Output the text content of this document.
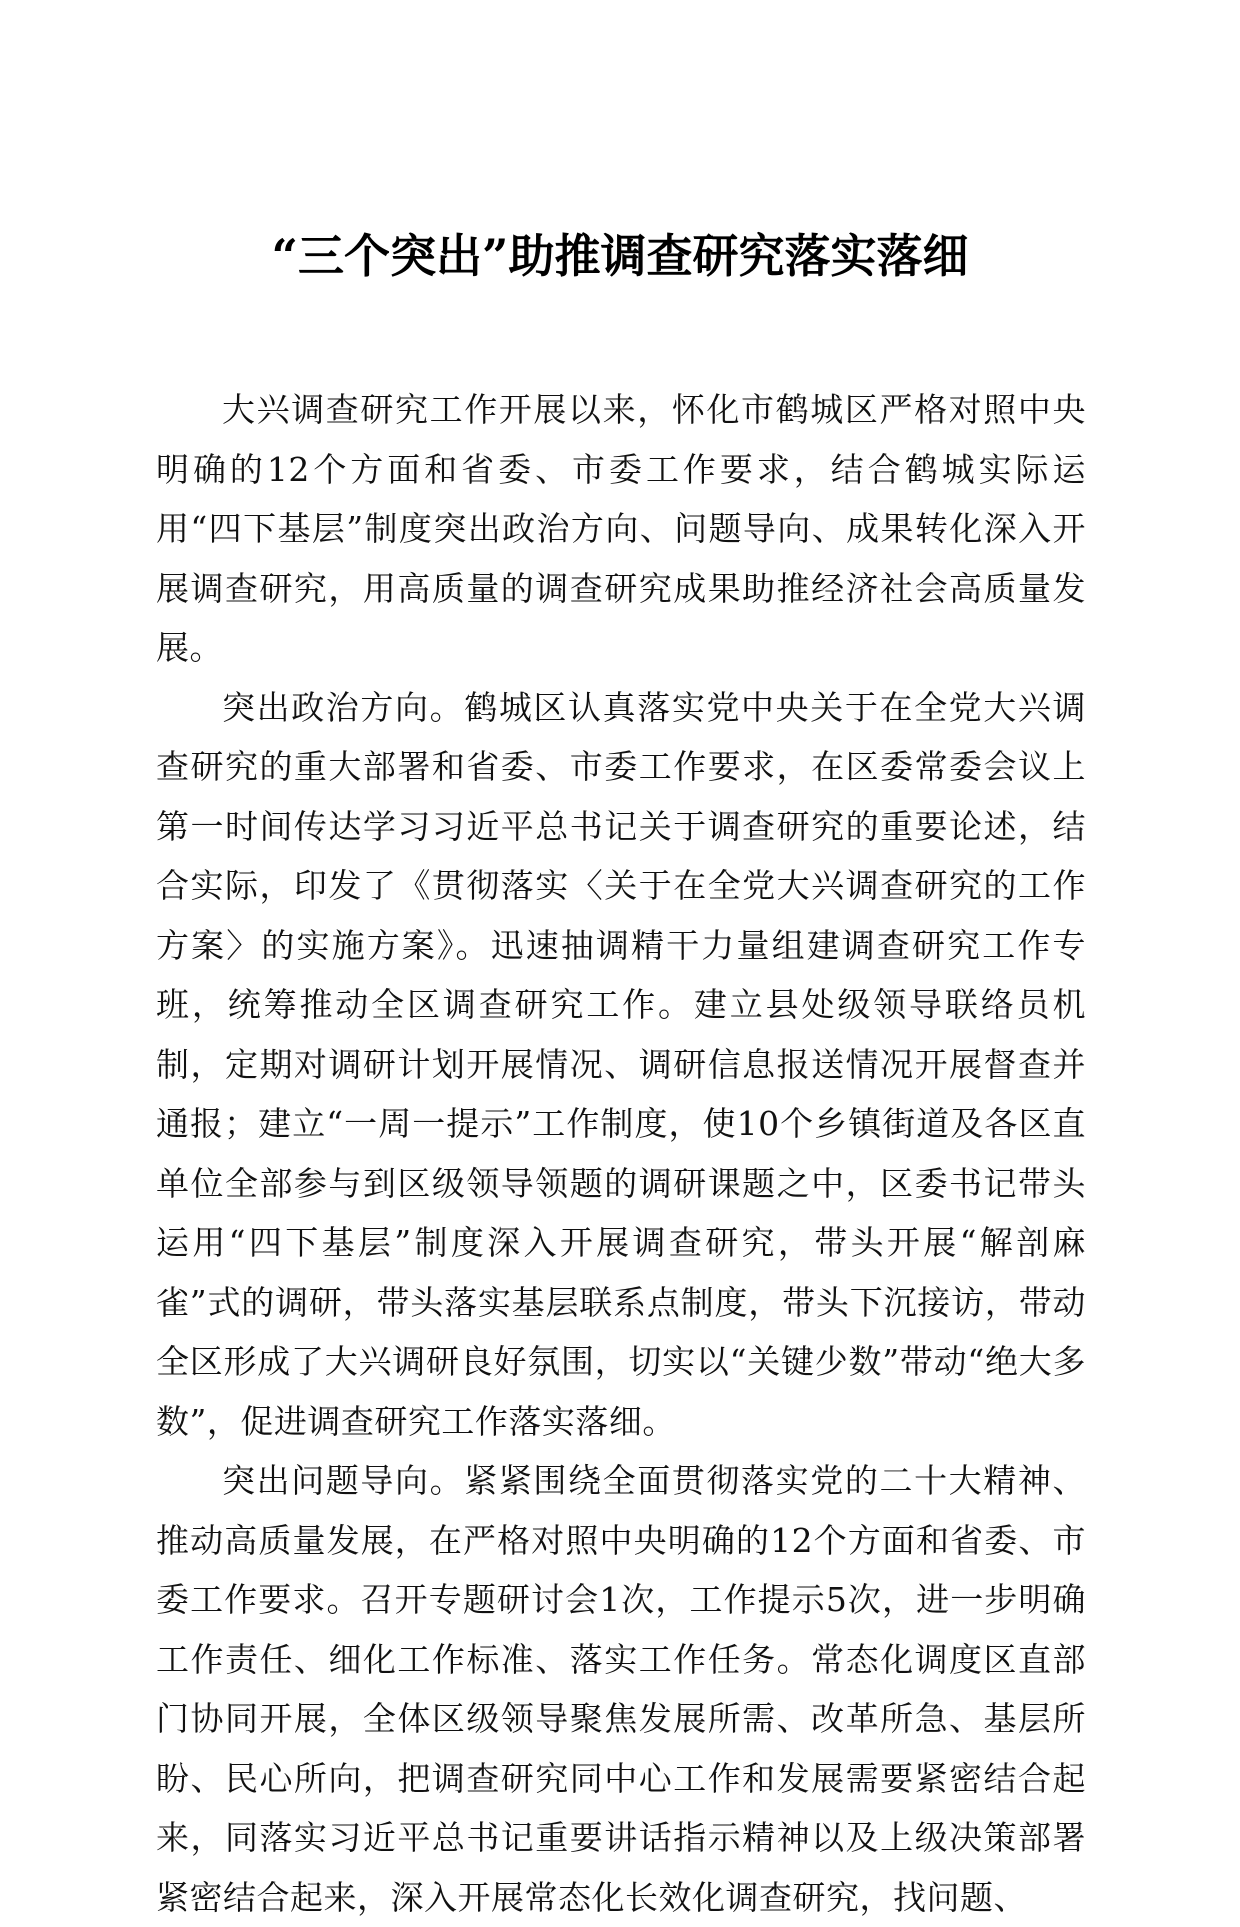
“三个突出”助推调查研究落实落细

大兴调查研究工作开展以来，怀化市鹤城区严格对照中央明确的12个方面和省委、市委工作要求，结合鹤城实际运用“四下基层”制度突出政治方向、问题导向、成果转化深入开展调查研究，用高质量的调查研究成果助推经济社会高质量发展。

突出政治方向。鹤城区认真落实党中央关于在全党大兴调查研究的重大部署和省委、市委工作要求，在区委常委会议上第一时间传达学习习近平总书记关于调查研究的重要论述，结合实际，印发了《贯彻落实〈关于在全党大兴调查研究的工作方案〉的实施方案》。迅速抽调精干力量组建调查研究工作专班，统筹推动全区调查研究工作。建立县处级领导联络员机制，定期对调研计划开展情况、调研信息报送情况开展督查并通报；建立“一周一提示”工作制度，使10个乡镇街道及各区直单位全部参与到区级领导领题的调研课题之中，区委书记带头运用“四下基层”制度深入开展调查研究，带头开展“解剖麻雀”式的调研，带头落实基层联系点制度，带头下沉接访，带动全区形成了大兴调研良好氛围，切实以“关键少数”带动“绝大多数”，促进调查研究工作落实落细。

突出问题导向。紧紧围绕全面贯彻落实党的二十大精神、推动高质量发展，在严格对照中央明确的12个方面和省委、市委工作要求。召开专题研讨会1次，工作提示5次，进一步明确工作责任、细化工作标准、落实工作任务。常态化调度区直部门协同开展，全体区级领导聚焦发展所需、改革所急、基层所盼、民心所向，把调查研究同中心工作和发展需要紧密结合起来，同落实习近平总书记重要讲话指示精神以及上级决策部署紧密结合起来，深入开展常态化长效化调查研究，找问题、
